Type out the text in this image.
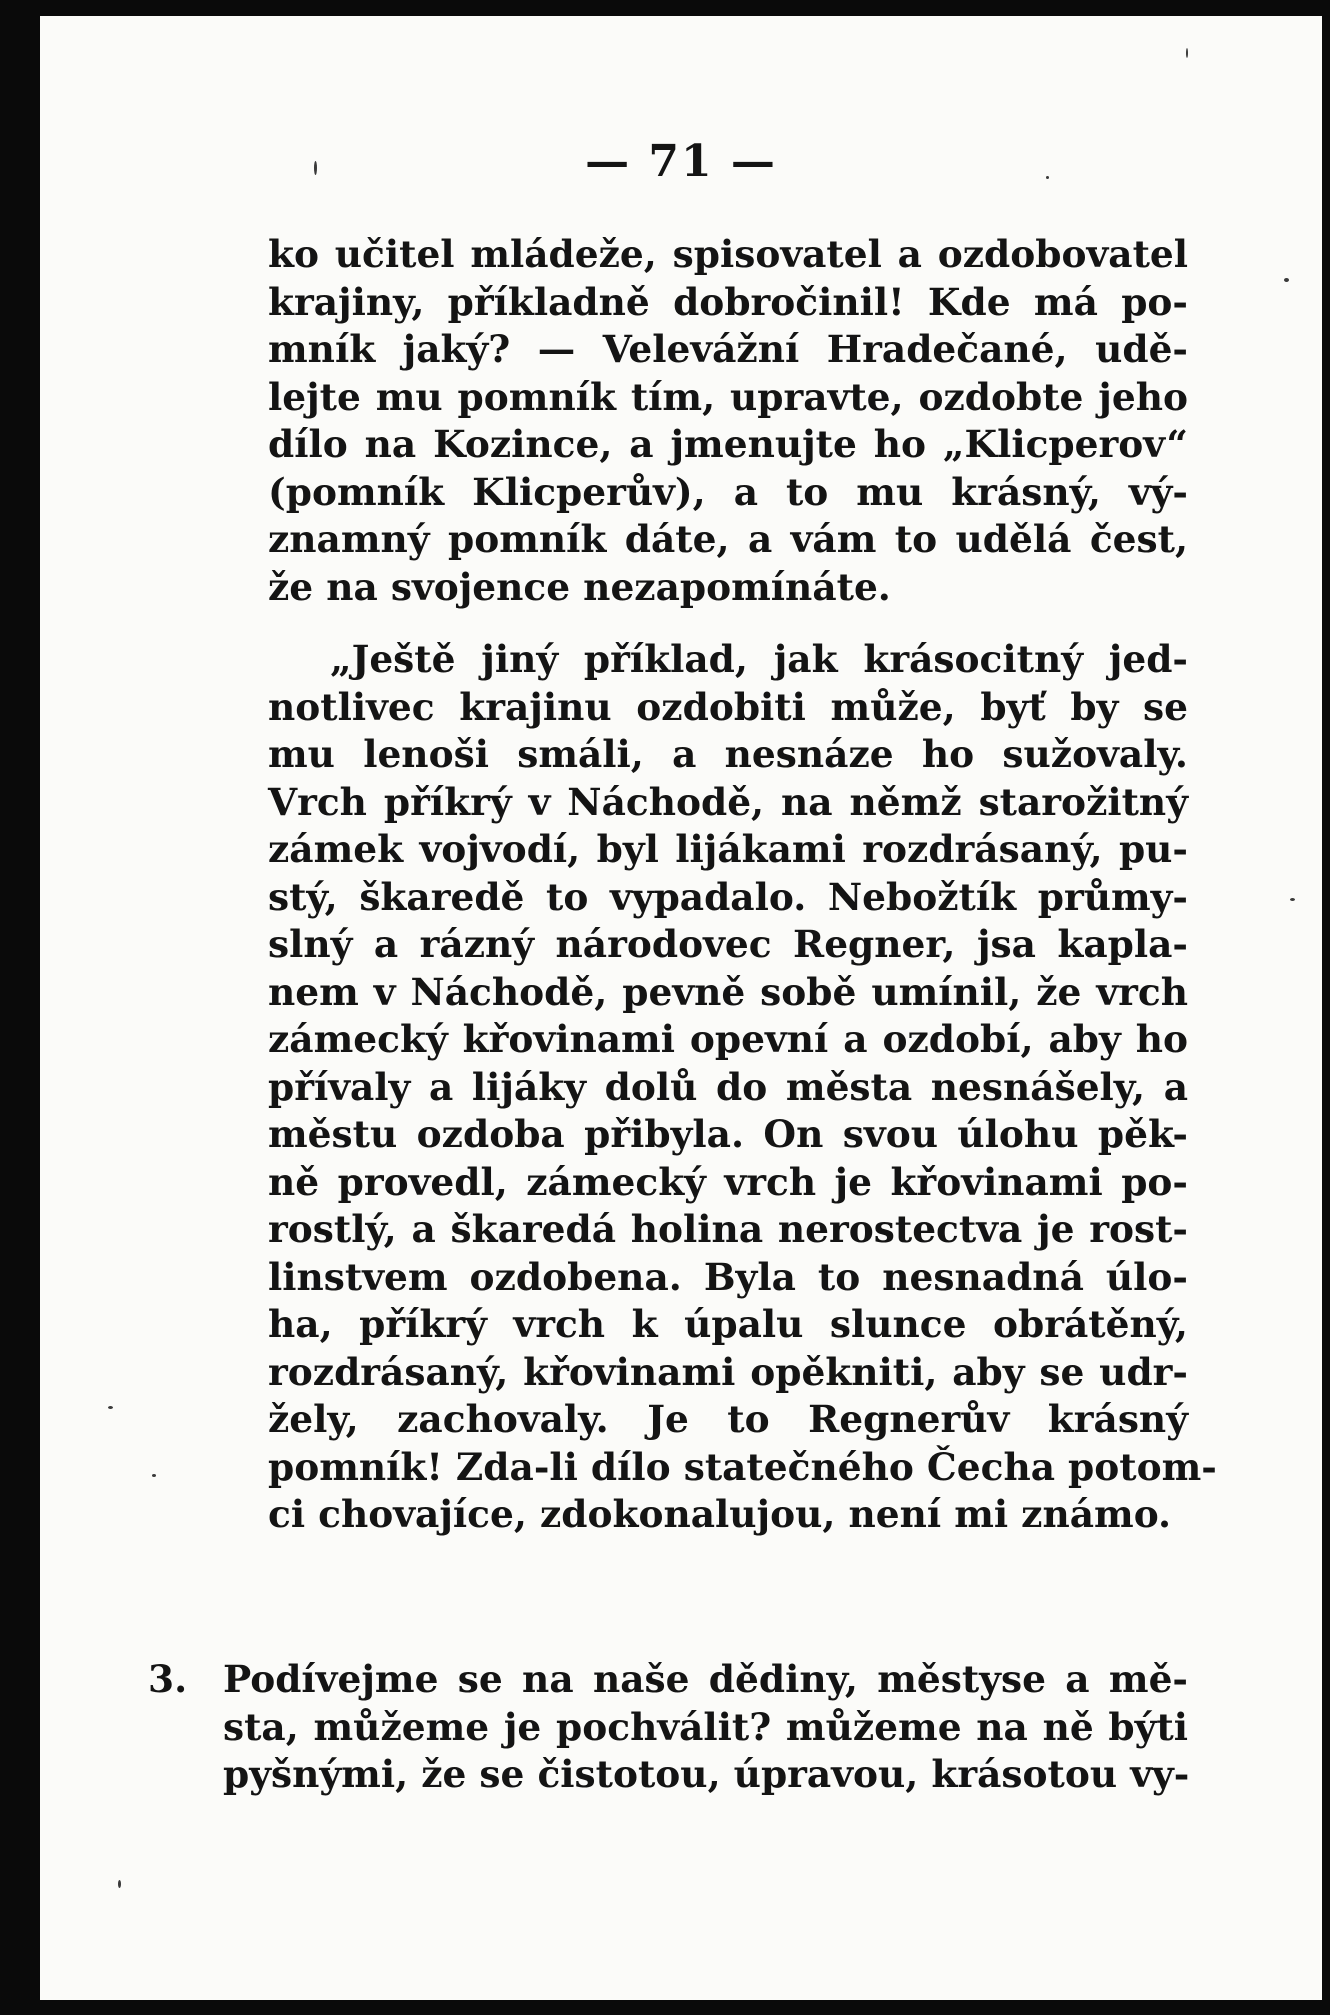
— 71 —
ko učitel mládeže, spisovatel a ozdobovatel
krajiny, příkladně dobročinil! Kde má po-
mník jaký? — Velevážní Hradečané, udě-
lejte mu pomník tím, upravte, ozdobte jeho
dílo na Kozince, a jmenujte ho „Klicperov“
(pomník Klicperův), a to mu krásný, vý-
znamný pomník dáte, a vám to udělá čest,
že na svojence nezapomínáte.
„Ještě jiný příklad, jak krásocitný jed-
notlivec krajinu ozdobiti může, byť by se
mu lenoši smáli, a nesnáze ho sužovaly.
Vrch příkrý v Náchodě, na němž starožitný
zámek vojvodí, byl lijákami rozdrásaný, pu-
stý, škaredě to vypadalo. Nebožtík průmy-
slný a rázný národovec Regner, jsa kapla-
nem v Náchodě, pevně sobě umínil, že vrch
zámecký křovinami opevní a ozdobí, aby ho
přívaly a lijáky dolů do města nesnášely, a
městu ozdoba přibyla. On svou úlohu pěk-
ně provedl, zámecký vrch je křovinami po-
rostlý, a škaredá holina nerostectva je rost-
linstvem ozdobena. Byla to nesnadná úlo-
ha, příkrý vrch k úpalu slunce obrátěný,
rozdrásaný, křovinami opěkniti, aby se udr-
žely, zachovaly. Je to Regnerův krásný
pomník! Zda-li dílo statečného Čecha potom-
ci chovajíce, zdokonalujou, není mi známo.
3. Podívejme se na naše dědiny, městyse a mě-
sta, můžeme je pochválit? můžeme na ně býti
pyšnými, že se čistotou, úpravou, krásotou vy-
